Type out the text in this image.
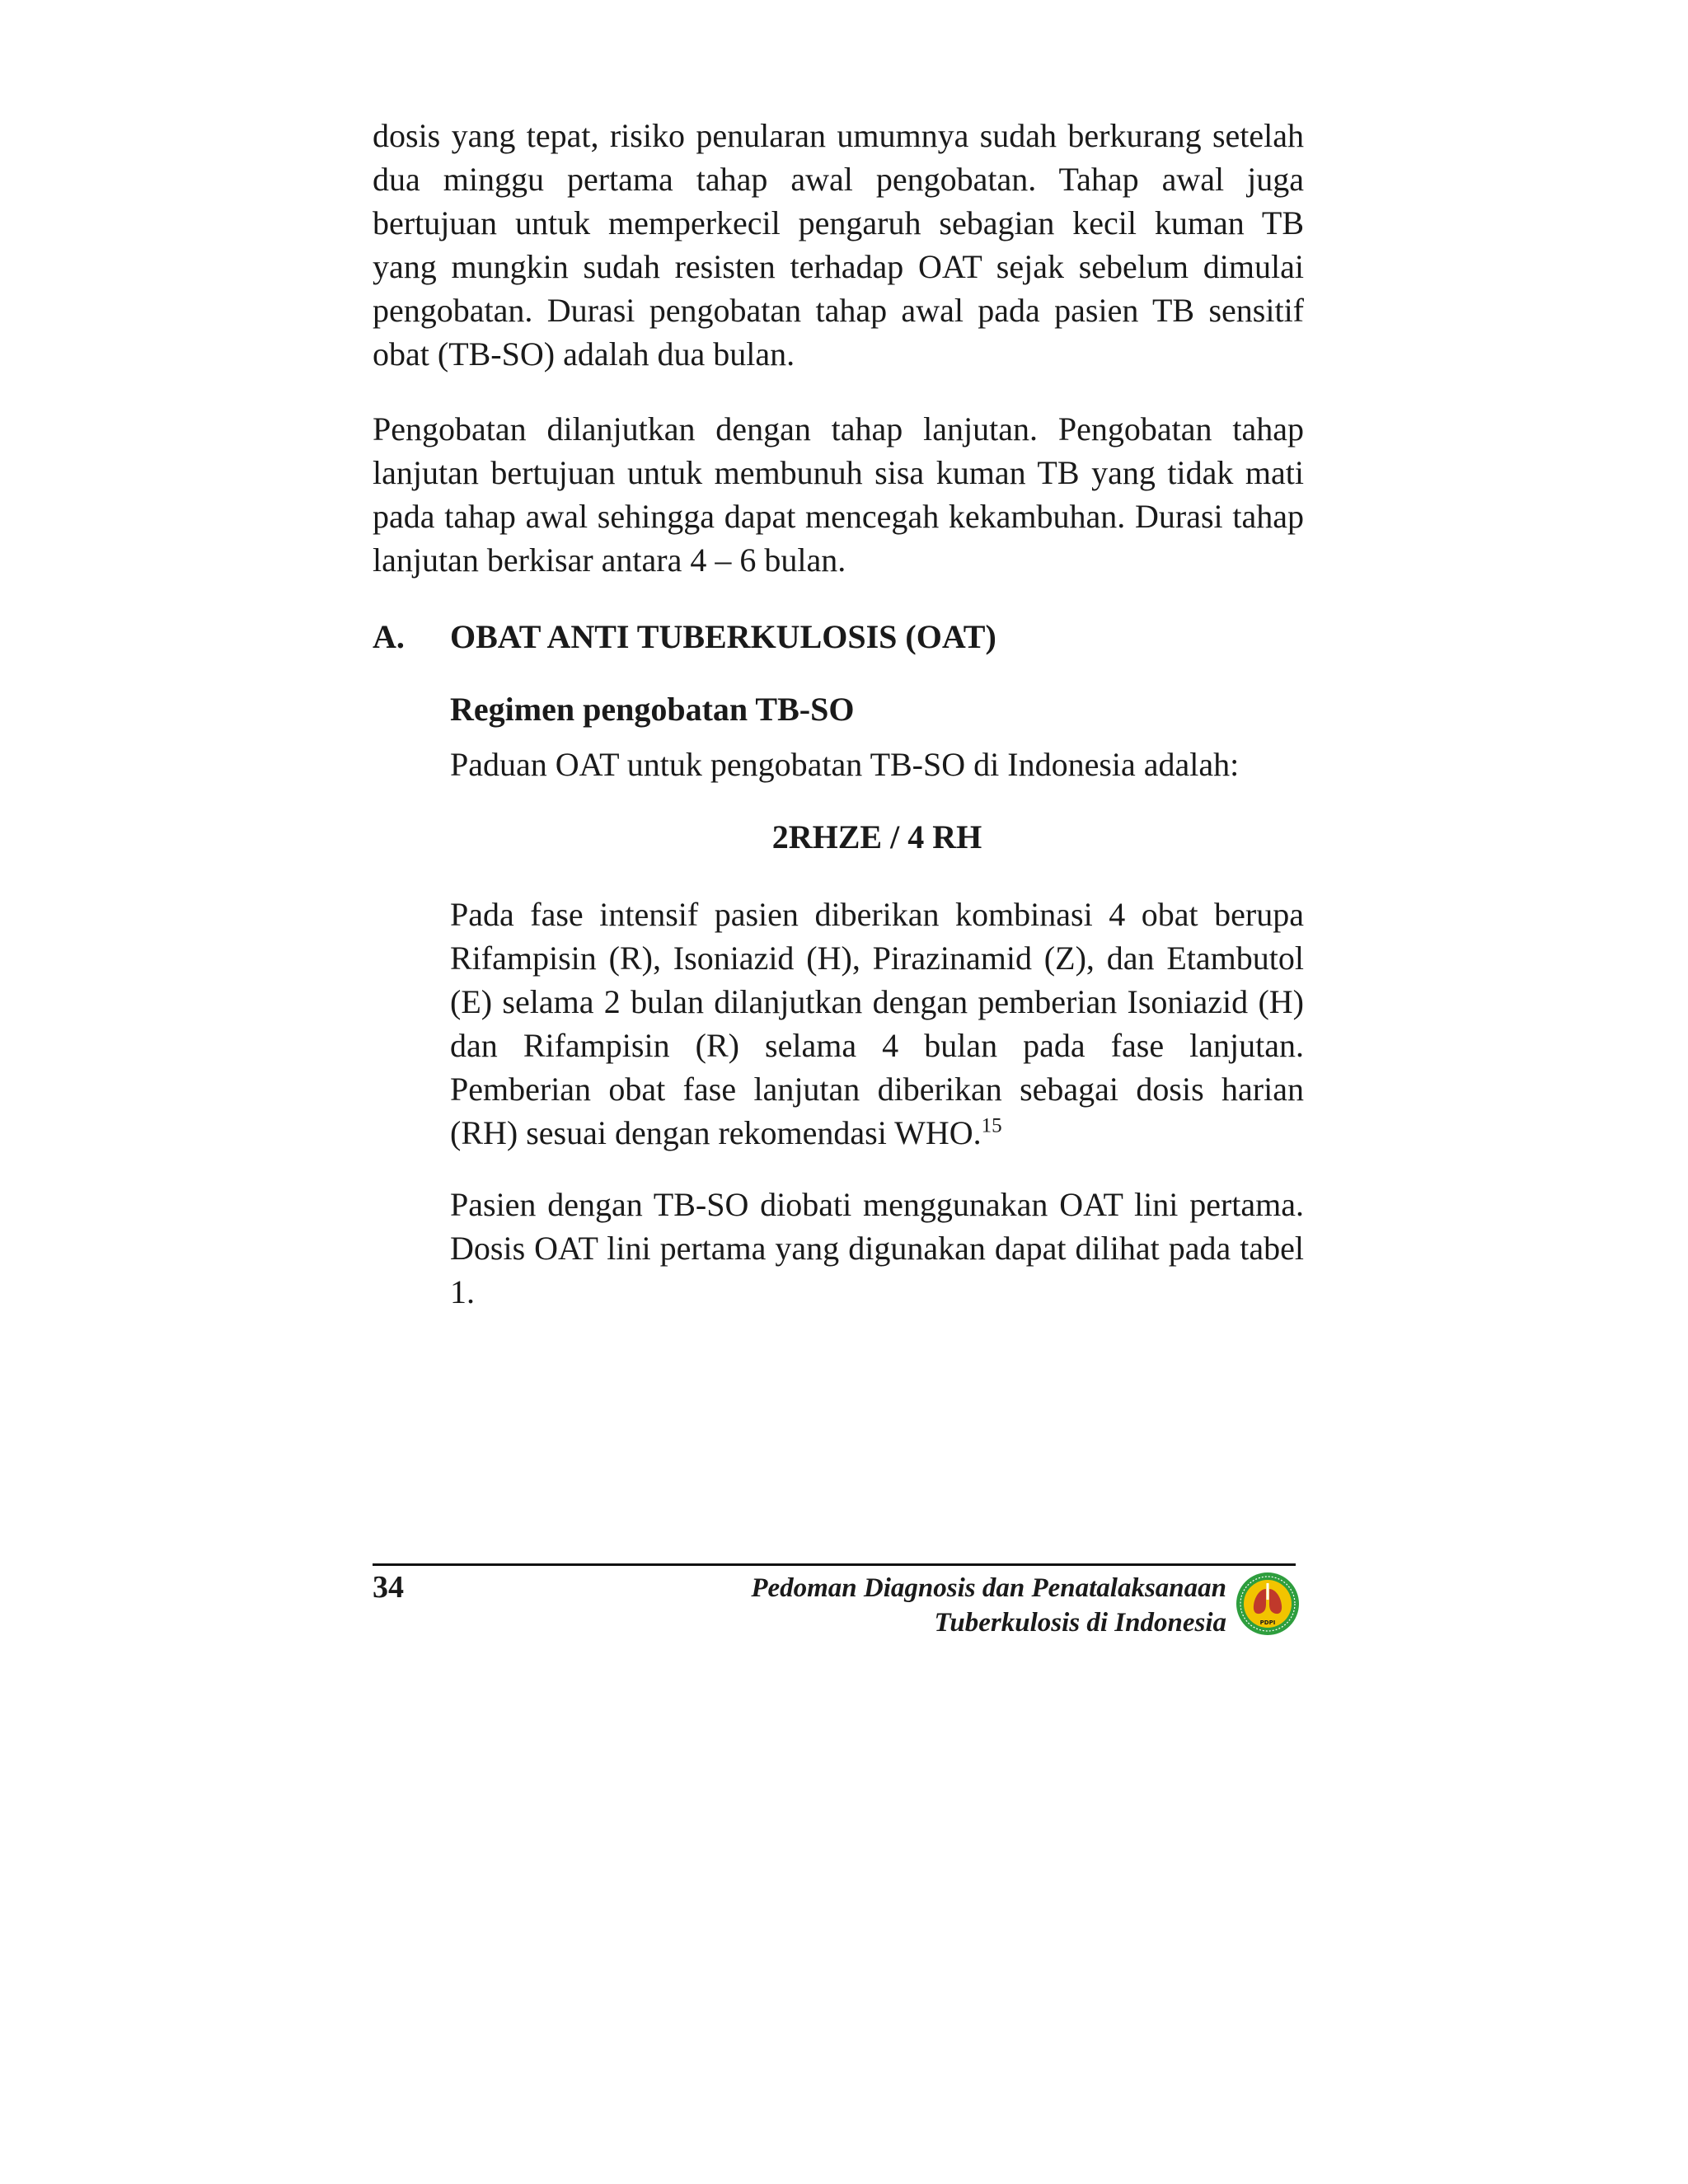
dosis yang tepat, risiko penularan umumnya sudah berkurang setelah dua minggu pertama tahap awal pengobatan. Tahap awal juga bertujuan untuk memperkecil pengaruh sebagian kecil kuman TB yang mungkin sudah resisten terhadap OAT sejak sebelum dimulai pengobatan. Durasi pengobatan tahap awal pada pasien TB sensitif obat (TB-SO) adalah dua bulan.

Pengobatan dilanjutkan dengan tahap lanjutan. Pengobatan tahap lanjutan bertujuan untuk membunuh sisa kuman TB yang tidak mati pada tahap awal sehingga dapat mencegah kekambuhan. Durasi tahap lanjutan berkisar antara 4 – 6 bulan.

A. OBAT ANTI TUBERKULOSIS (OAT)
Regimen pengobatan TB-SO
Paduan OAT untuk pengobatan TB-SO di Indonesia adalah:
2RHZE / 4 RH

Pada fase intensif pasien diberikan kombinasi 4 obat berupa Rifampisin (R), Isoniazid (H), Pirazinamid (Z), dan Etambutol (E) selama 2 bulan dilanjutkan dengan pemberian Isoniazid (H) dan Rifampisin (R) selama 4 bulan pada fase lanjutan. Pemberian obat fase lanjutan diberikan sebagai dosis harian (RH) sesuai dengan rekomendasi WHO.$^{15}$

Pasien dengan TB-SO diobati menggunakan OAT lini pertama. Dosis OAT lini pertama yang digunakan dapat dilihat pada tabel 1.

34	Pedoman Diagnosis dan Penatalaksanaan
Tuberkulosis di Indonesia	PDPI
